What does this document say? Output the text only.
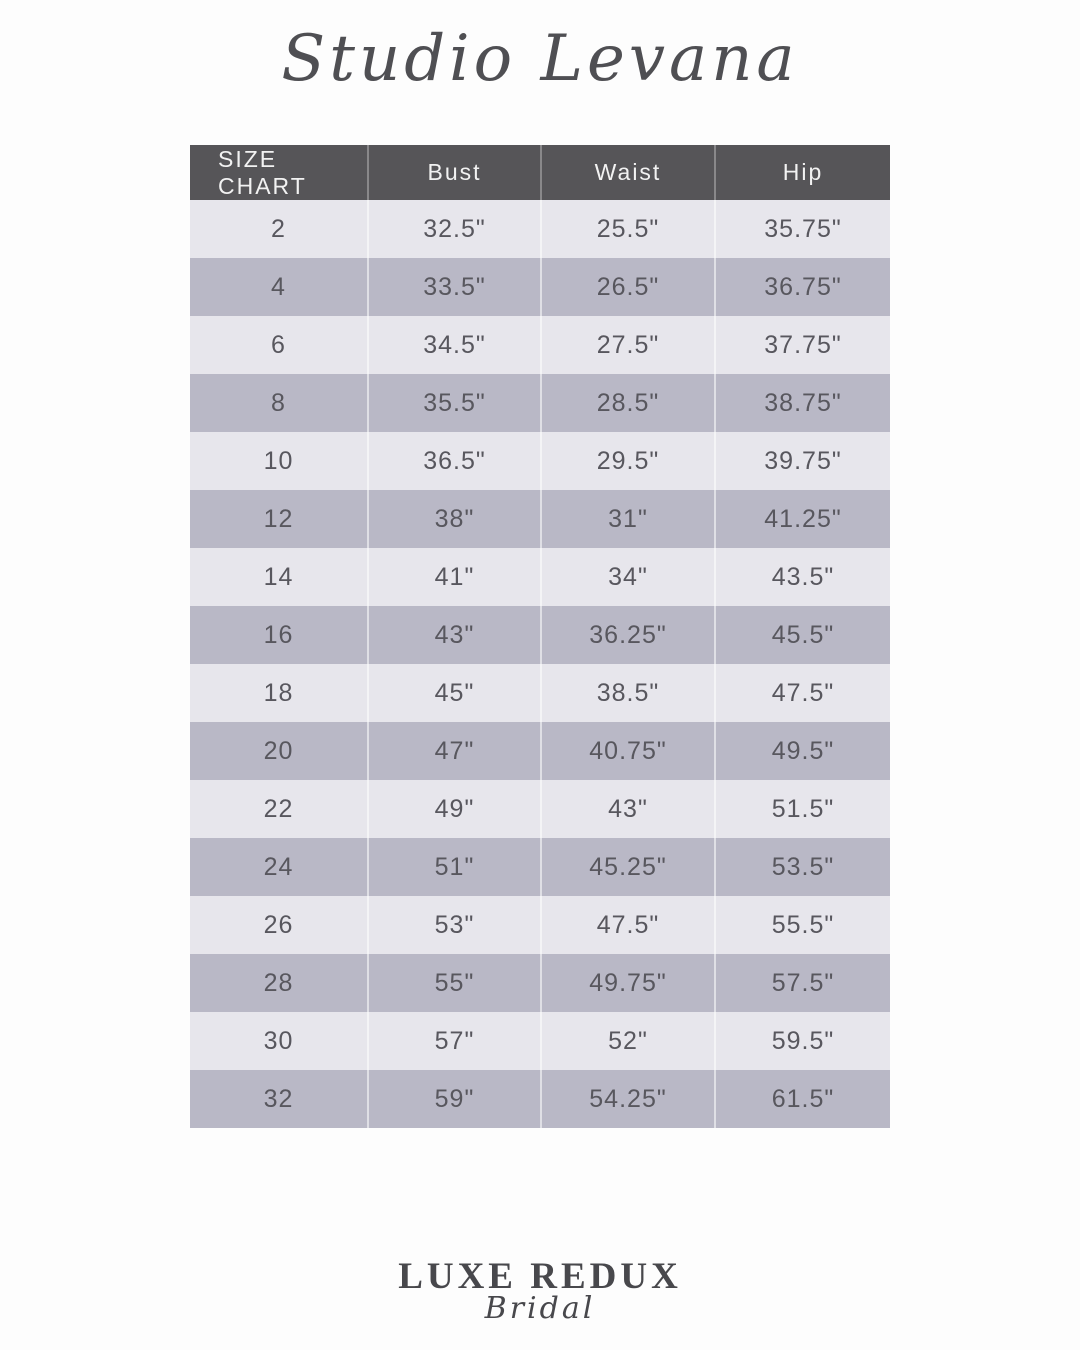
Studio Levana
SIZE CHART	Bust	Waist	Hip
2	32.5"	25.5"	35.75"
4	33.5"	26.5"	36.75"
6	34.5"	27.5"	37.75"
8	35.5"	28.5"	38.75"
10	36.5"	29.5"	39.75"
12	38"	31"	41.25"
14	41"	34"	43.5"
16	43"	36.25"	45.5"
18	45"	38.5"	47.5"
20	47"	40.75"	49.5"
22	49"	43"	51.5"
24	51"	45.25"	53.5"
26	53"	47.5"	55.5"
28	55"	49.75"	57.5"
30	57"	52"	59.5"
32	59"	54.25"	61.5"
LUXE REDUX
Bridal
